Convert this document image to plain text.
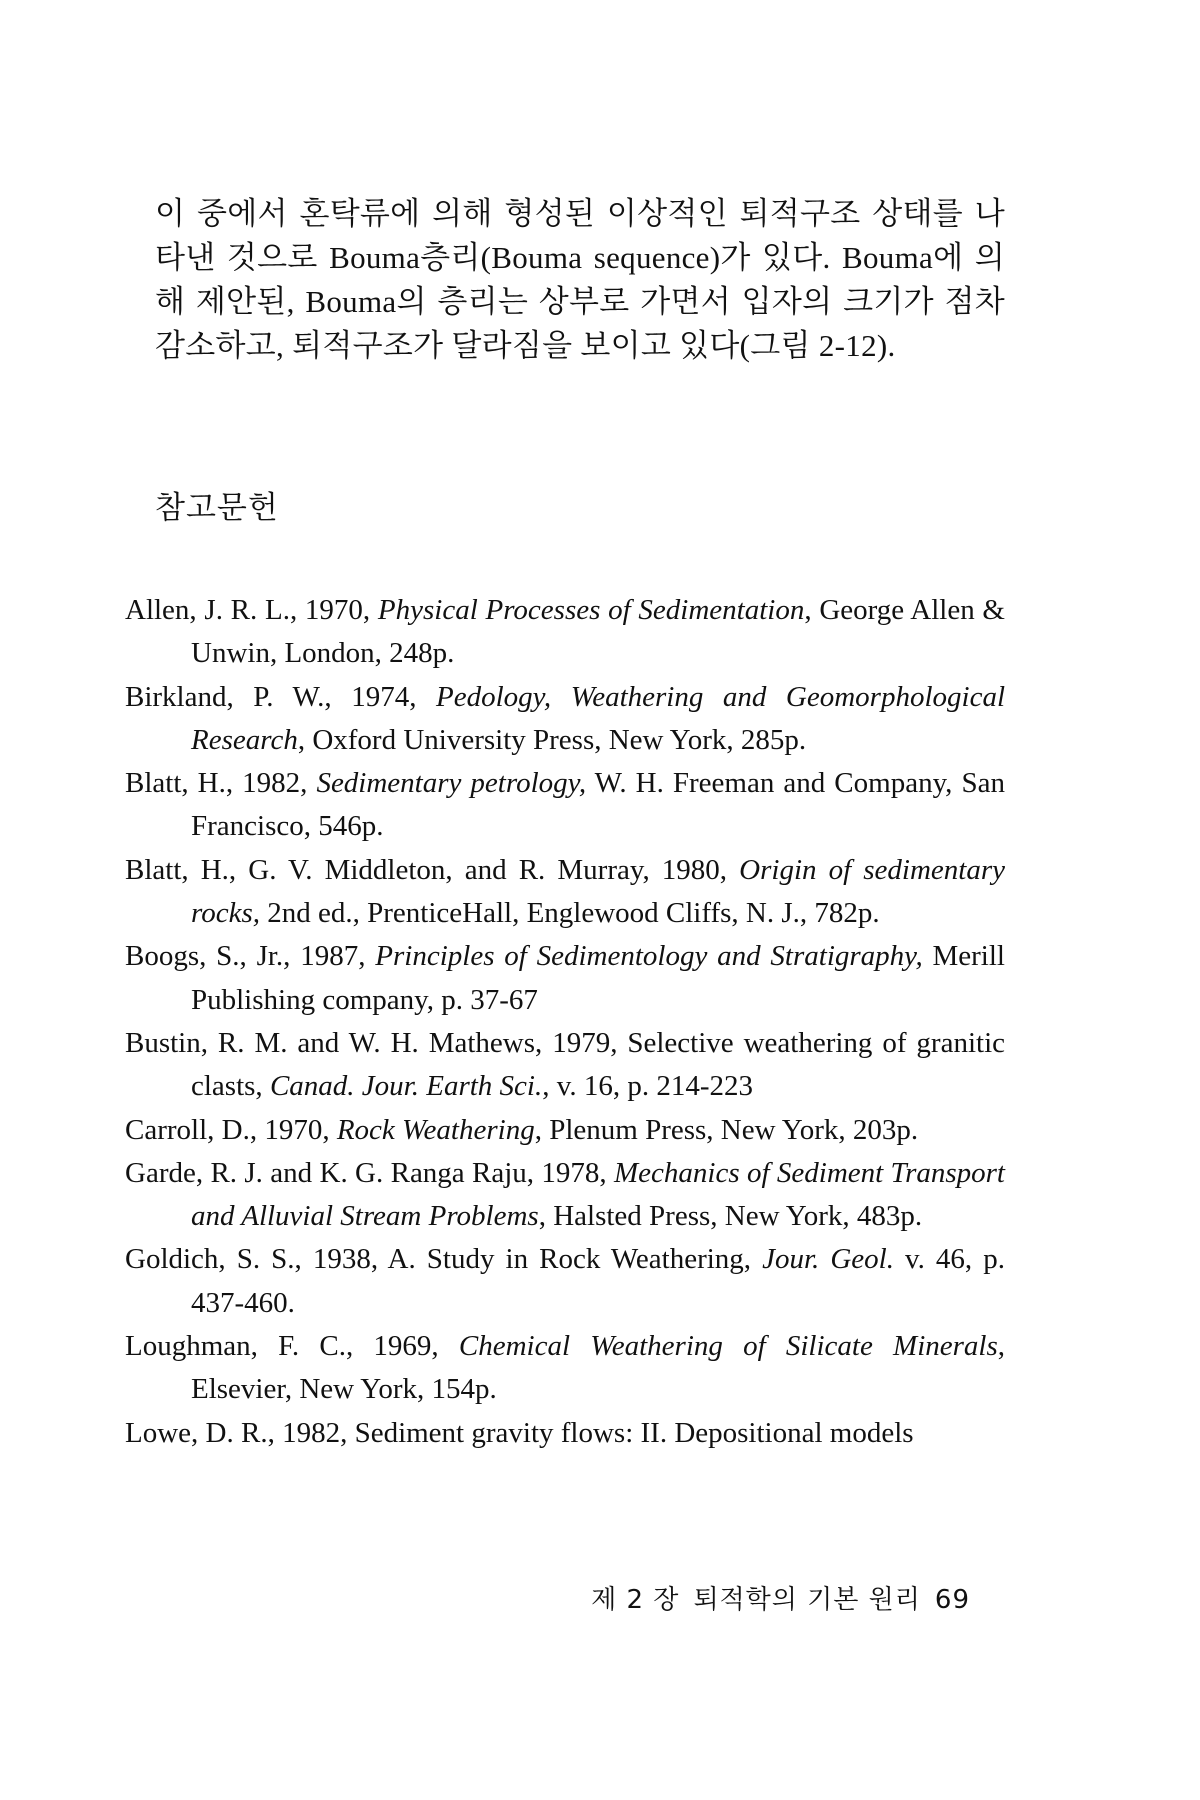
이 중에서 혼탁류에 의해 형성된 이상적인 퇴적구조 상태를 나타낸 것으로 Bouma층리(Bouma sequence)가 있다. Bouma에 의해 제안된, Bouma의 층리는 상부로 가면서 입자의 크기가 점차 감소하고, 퇴적구조가 달라짐을 보이고 있다(그림 2-12).

참고문헌

Allen, J. R. L., 1970, Physical Processes of Sedimentation, George Allen & Unwin, London, 248p.

Birkland, P. W., 1974, Pedology, Weathering and Geomorphological Research, Oxford University Press, New York, 285p.

Blatt, H., 1982, Sedimentary petrology, W. H. Freeman and Company, San Francisco, 546p.

Blatt, H., G. V. Middleton, and R. Murray, 1980, Origin of sedimentary rocks, 2nd ed., PrenticeHall, Englewood Cliffs, N. J., 782p.

Boogs, S., Jr., 1987, Principles of Sedimentology and Stratigraphy, Merill Publishing company, p. 37-67

Bustin, R. M. and W. H. Mathews, 1979, Selective weathering of granitic clasts, Canad. Jour. Earth Sci., v. 16, p. 214-223

Carroll, D., 1970, Rock Weathering, Plenum Press, New York, 203p.

Garde, R. J. and K. G. Ranga Raju, 1978, Mechanics of Sediment Transport and Alluvial Stream Problems, Halsted Press, New York, 483p.

Goldich, S. S., 1938, A. Study in Rock Weathering, Jour. Geol. v. 46, p. 437-460.

Loughman, F. C., 1969, Chemical Weathering of Silicate Minerals, Elsevier, New York, 154p.

Lowe, D. R., 1982, Sediment gravity flows: II. Depositional models

제 2 장 퇴적학의 기본 원리 69
